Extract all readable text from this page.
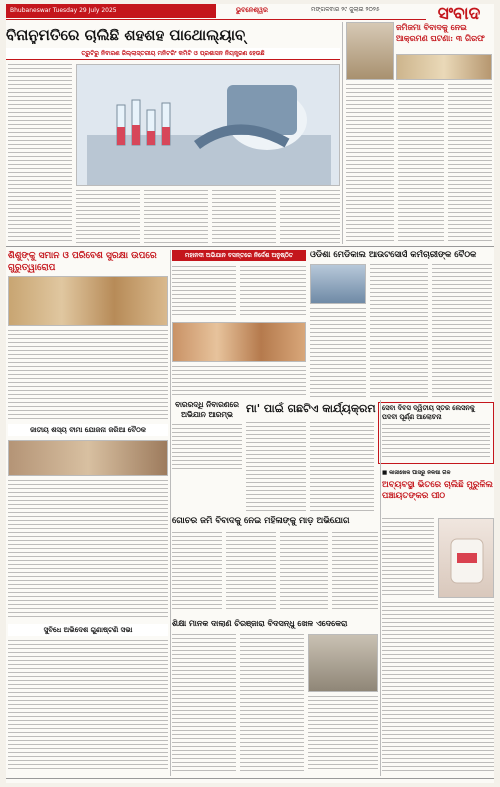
Bhubaneswar Tuesday 29 July 2025	ଭୁବନେଶ୍ୱର	ମଙ୍ଗଳବାର ୨୯ ଜୁଲାଇ ୨୦୨୫	ସଂବାଦ
ବିନାନୁମତିରେ ଚାଲିଛି ଶହଶହ ପାଥୋଲ୍ୟାବ୍
ତ୍ରୁଟିରୁ ନିବାରଣ ଜିଲ୍ଲାସ୍ତରୀୟ ମନିଟରିଂ କମିଟି ଓ ପ୍ରଶାସନ ନିୟନ୍ତ୍ରଣ ହେଉଛି
ଜମିଜମା ବିବାଦକୁ ନେଇ ଆକ୍ରମଣ ଘଟଣା: ୩ ଗିରଫ
ମହାନଦୀ ଅଭିଯାନ ବସନ୍ତରେ ନିର୍ଦ୍ଦେଶ ଅନୁଷ୍ଠିତ
ଶିଶୁଙ୍କୁ ସମାନ ଓ ପରିବେଶ ସୁରକ୍ଷା ଉପରେ ଗୁରୁତ୍ୱାରୋପ
ଓଡିଶା ମେଡିକାଲ ଆଉଟସୋର୍ସ କର୍ମଚାରୀଙ୍କ ବୈଠକ
ବାରରଦ୍ଧି ନିବାରଣରେ ଅଭିଯାନ ଆରମ୍ଭ	ମା' ପାଇଁ ଗଛଟିଏ କାର୍ଯ୍ୟକ୍ରମ ସେବା ଦିବସ ଦ୍ୱିତୀୟ ସ୍ତର ଲେସନକୁ ପଦବୀ ପୂର୍ଣ୍ଣ ଆଲୋଚନା
ଜାତୀୟ ଶସ୍ୟ ବୀମା ଯୋଜନା ଜରିଆ ବୈଠକ
ଗୋଚର ଜମି ବିବାଦକୁ ନେଇ ମହିଳାଙ୍କୁ ମାଡ଼ ଅଭିଯୋଗ
■ କାଜୀଖେଳ ପାସରୁ ନିକିଷା ଗଳ
ଅବ୍ୟବସ୍ଥା ଭିତରେ ଚାଲିଛି ମୁରୁଳିଲ ପଞ୍ଚାୟତଙ୍କର ପୀଠ
ସୁବିଧେ ଅଭିଦେଶ ଗୁଣାଷ୍ଟଣି ସଭା
ଶିକ୍ଷା ମାନକ ଦାଲାଣ ଚିରଞ୍ଜାରା ବିଦସନ୍ଧୁ ଖେଳ ଏଦେକେରା
